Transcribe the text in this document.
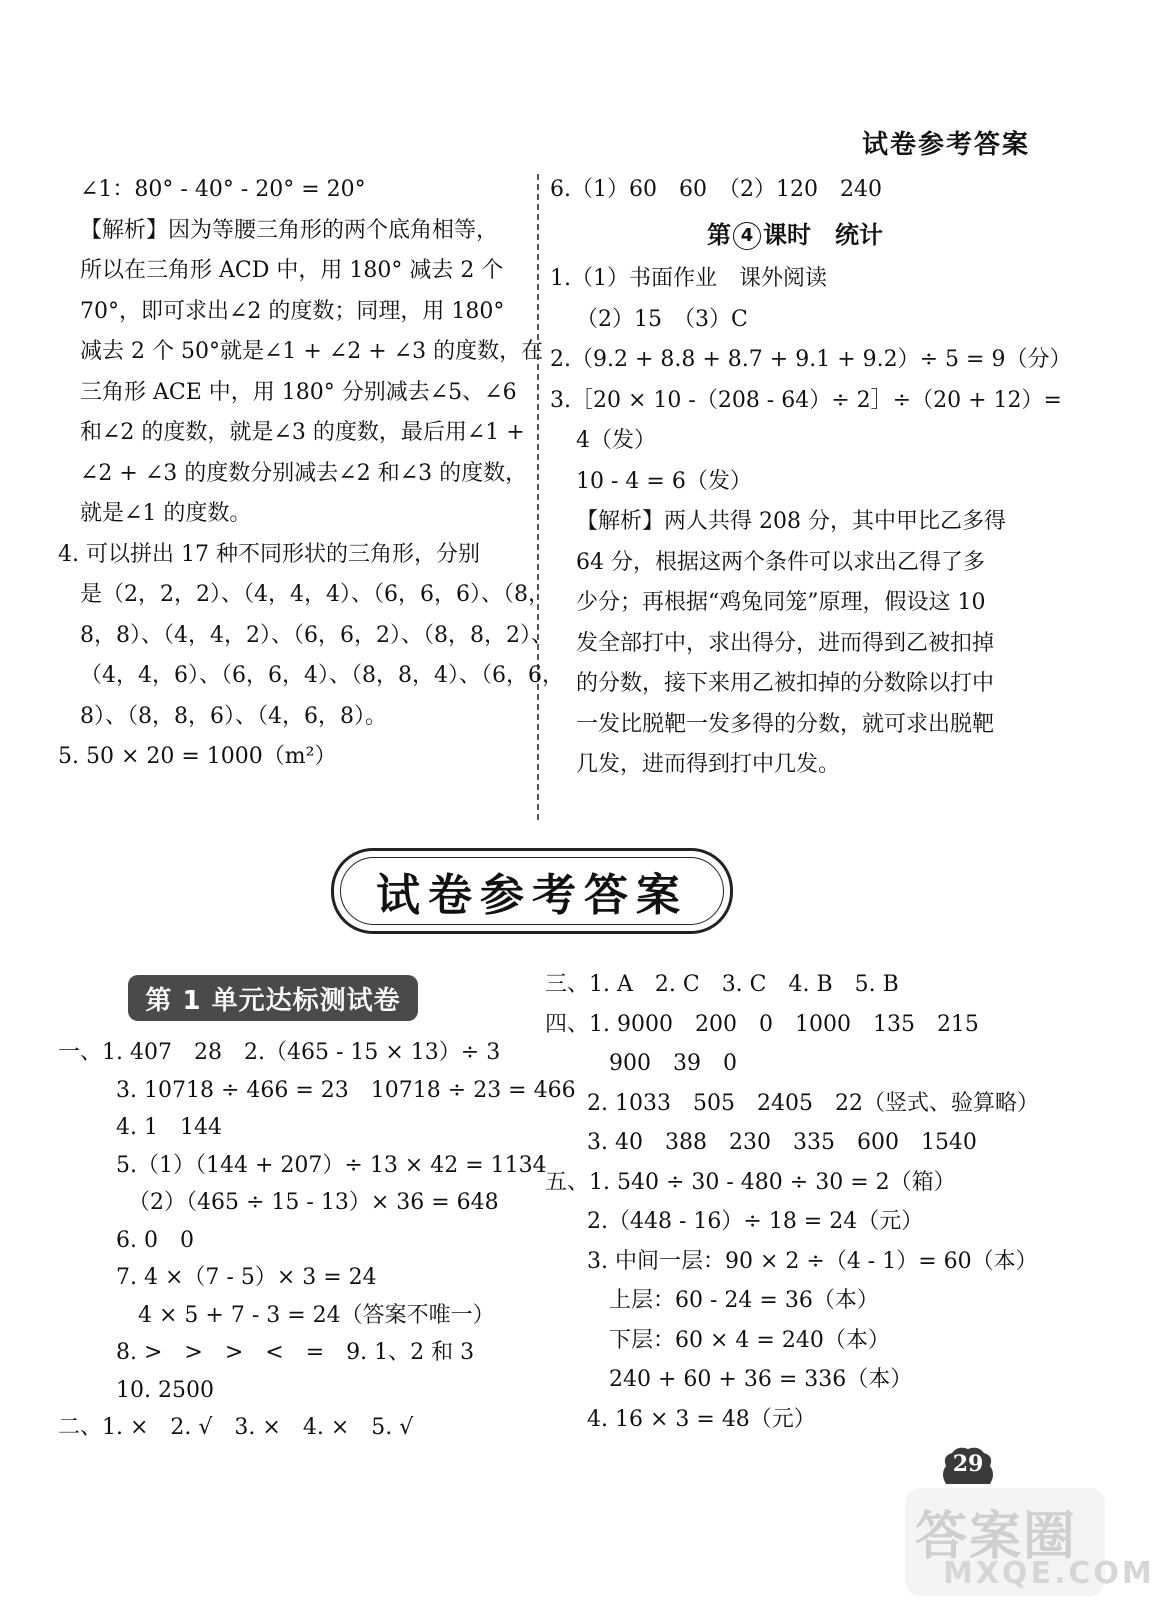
试卷参考答案
∠1：80° - 40° - 20° = 20°
【解析】因为等腰三角形的两个底角相等，
所以在三角形 ACD 中，用 180° 减去 2 个
70°，即可求出∠2 的度数；同理，用 180°
减去 2 个 50°就是∠1 + ∠2 + ∠3 的度数，在
三角形 ACE 中，用 180° 分别减去∠5、∠6
和∠2 的度数，就是∠3 的度数，最后用∠1 +
∠2 + ∠3 的度数分别减去∠2 和∠3 的度数，
就是∠1 的度数。
4. 可以拼出 17 种不同形状的三角形，分别
是（2，2，2）、（4，4，4）、（6，6，6）、（8，
8，8）、（4，4，2）、（6，6，2）、（8，8，2）、
（4，4，6）、（6，6，4）、（8，8，4）、（6，6，
8）、（8，8，6）、（4，6，8）。
5. 50 × 20 = 1000（m²）
6.（1）60　60　（2）120　240
第 4 课时　统计
1.（1）书面作业　课外阅读
（2）15　（3）C
2.（9.2 + 8.8 + 8.7 + 9.1 + 9.2）÷ 5 = 9（分）
3.［20 × 10 -（208 - 64）÷ 2］÷（20 + 12）=
4（发）
10 - 4 = 6（发）
【解析】两人共得 208 分，其中甲比乙多得
64 分，根据这两个条件可以求出乙得了多
少分；再根据“鸡兔同笼”原理，假设这 10
发全部打中，求出得分，进而得到乙被扣掉
的分数，接下来用乙被扣掉的分数除以打中
一发比脱靶一发多得的分数，就可求出脱靶
几发，进而得到打中几发。
试卷参考答案
第 1 单元达标测试卷
一、1. 407　28　2.（465 - 15 × 13）÷ 3
3. 10718 ÷ 466 = 23　10718 ÷ 23 = 466
4. 1　144
5.（1）（144 + 207）÷ 13 × 42 = 1134
（2）（465 ÷ 15 - 13）× 36 = 648
6. 0　0
7. 4 ×（7 - 5）× 3 = 24
4 × 5 + 7 - 3 = 24（答案不唯一）
8. >　>　>　<　=　9. 1、2 和 3
10. 2500
二、1. ×　2. √　3. ×　4. ×　5. √
三、1. A　2. C　3. C　4. B　5. B
四、1. 9000　200　0　1000　135　215
900　39　0
2. 1033　505　2405　22（竖式、验算略）
3. 40　388　230　335　600　1540
五、1. 540 ÷ 30 - 480 ÷ 30 = 2（箱）
2.（448 - 16）÷ 18 = 24（元）
3. 中间一层：90 × 2 ÷（4 - 1）= 60（本）
上层：60 - 24 = 36（本）
下层：60 × 4 = 240（本）
240 + 60 + 36 = 336（本）
4. 16 × 3 = 48（元）
29
答案圈
MXQE.COM
